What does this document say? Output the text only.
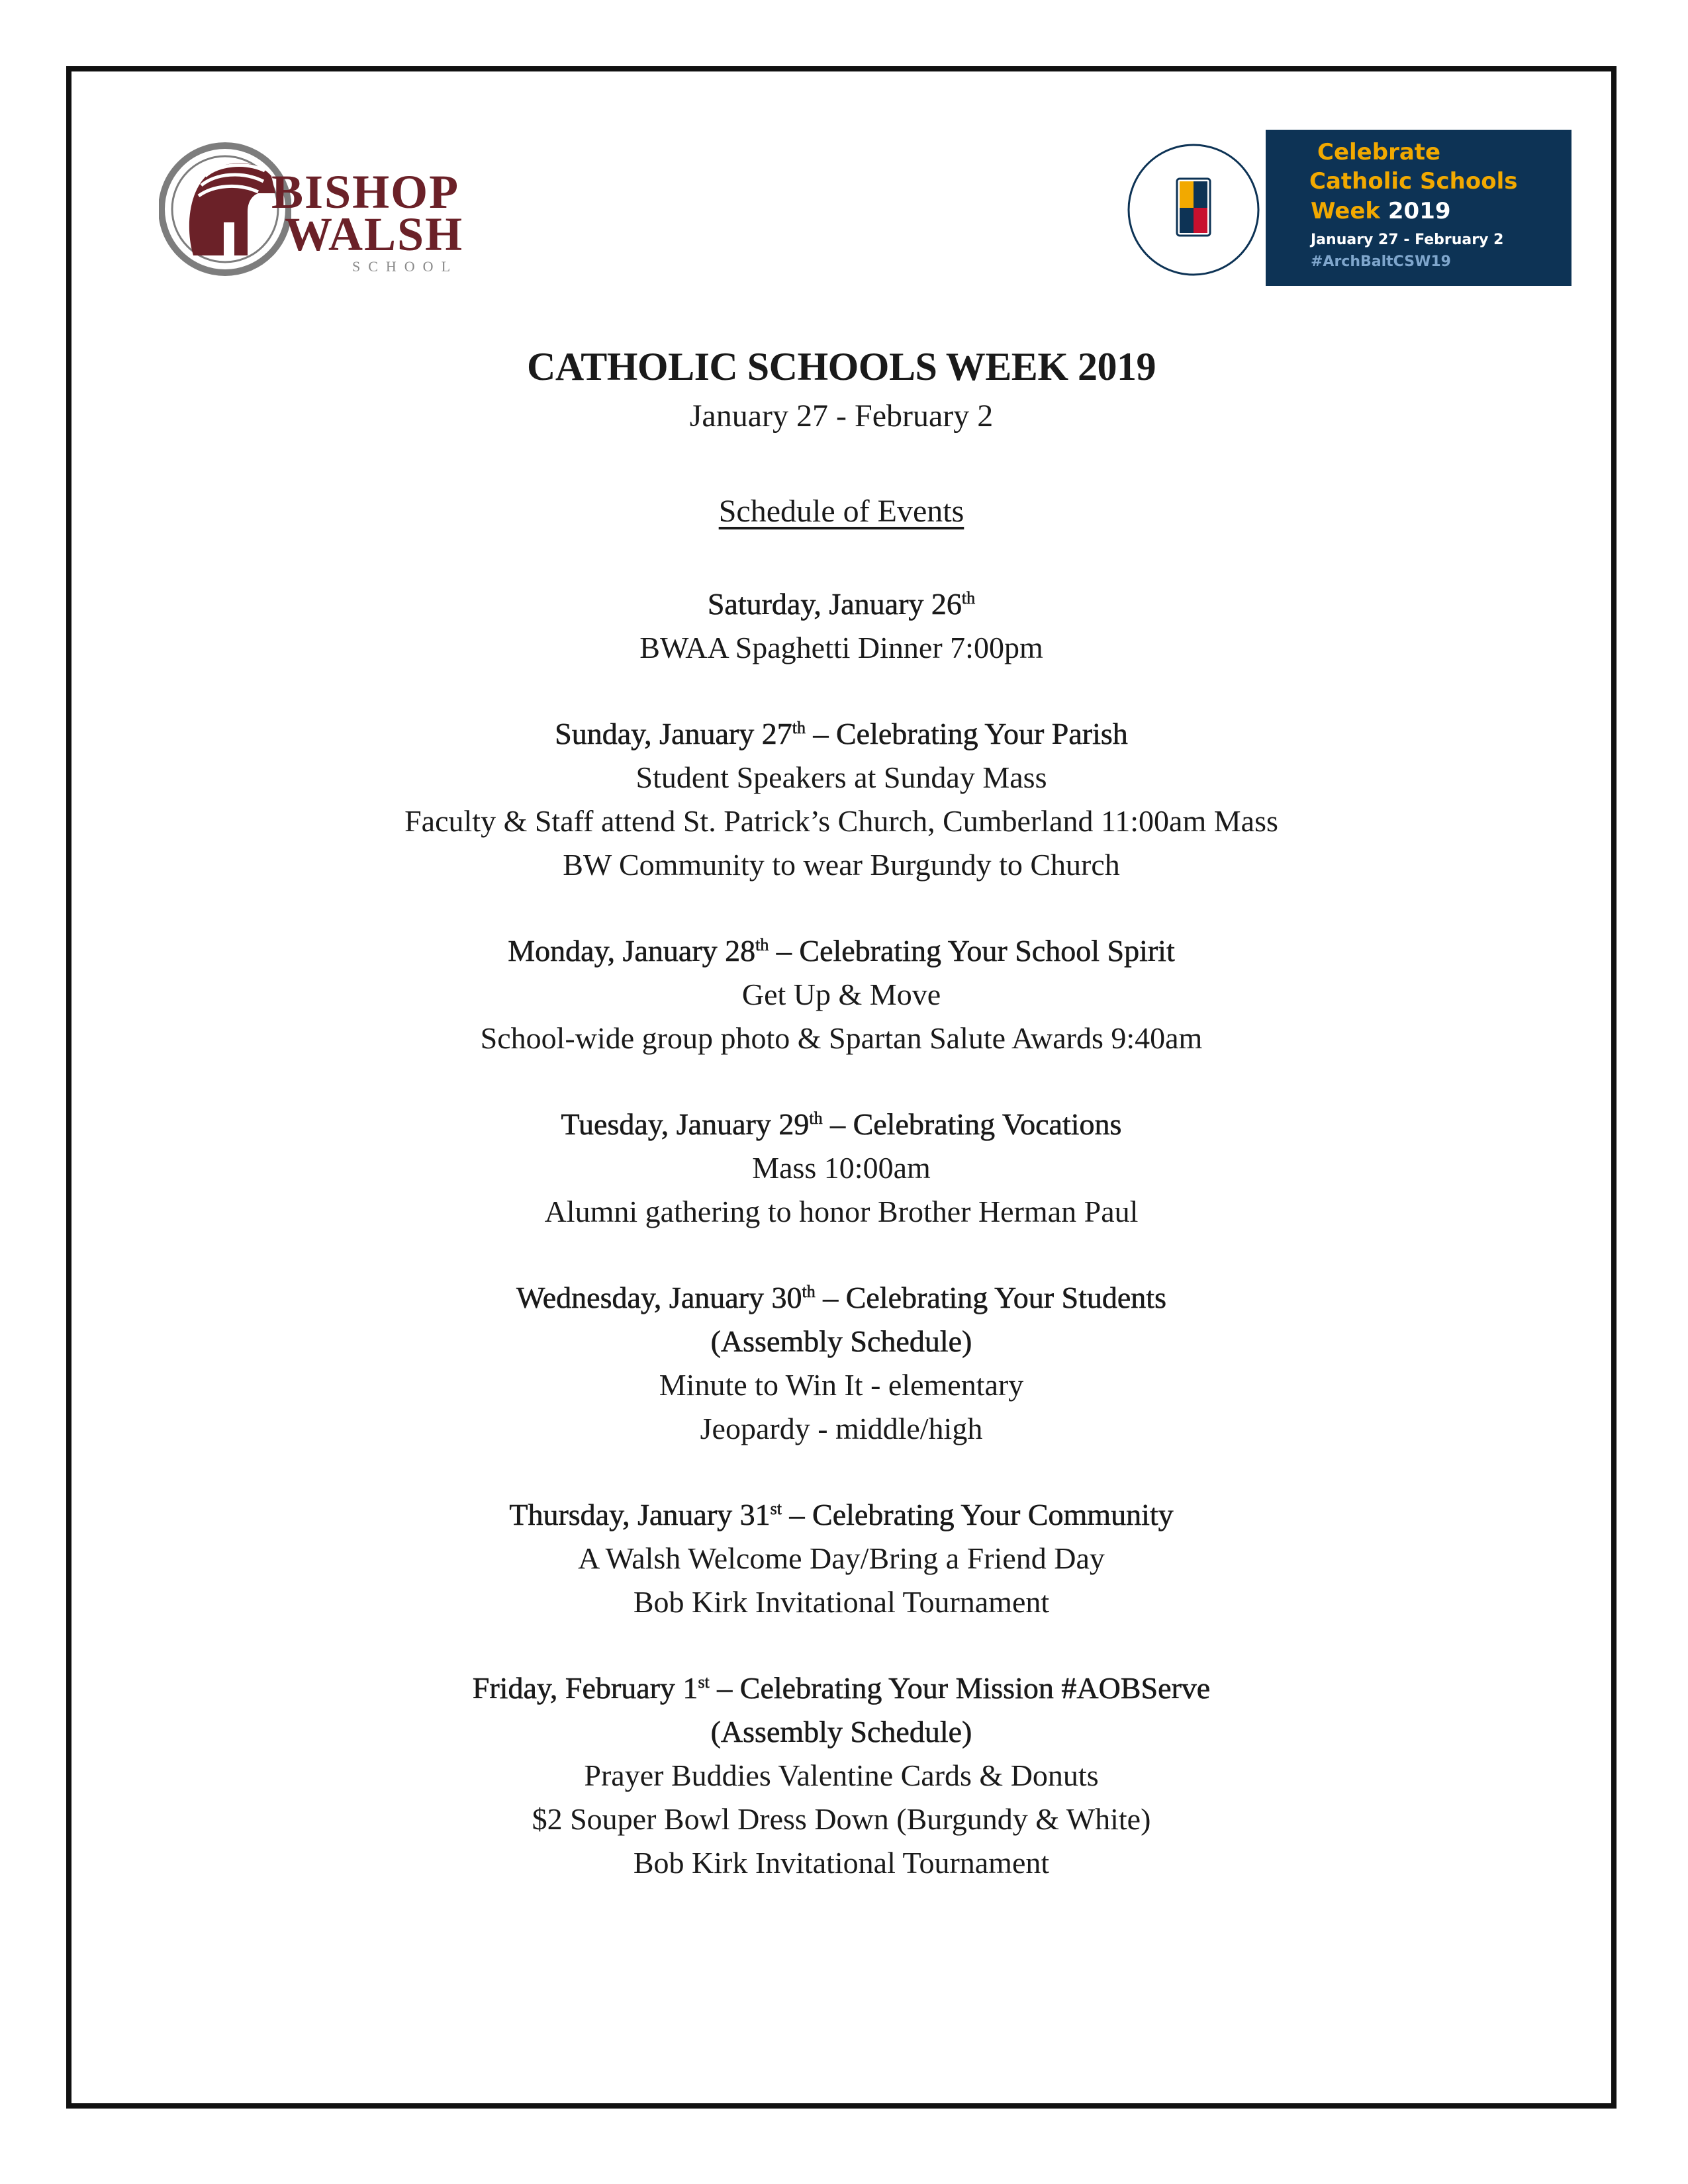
BISHOP
WALSH
SCHOOL
Celebrate
Catholic Schools
Week 2019
January 27 - February 2
#ArchBaltCSW19
CATHOLIC SCHOOLS WEEK 2019

January 27 - February 2

Schedule of Events

Saturday, January 26th

BWAA Spaghetti Dinner 7:00pm

Sunday, January 27th – Celebrating Your Parish

Student Speakers at Sunday Mass

Faculty & Staff attend St. Patrick’s Church, Cumberland 11:00am Mass

BW Community to wear Burgundy to Church

Monday, January 28th – Celebrating Your School Spirit

Get Up & Move

School-wide group photo & Spartan Salute Awards 9:40am

Tuesday, January 29th – Celebrating Vocations

Mass 10:00am

Alumni gathering to honor Brother Herman Paul

Wednesday, January 30th – Celebrating Your Students

(Assembly Schedule)

Minute to Win It - elementary

Jeopardy - middle/high

Thursday, January 31st – Celebrating Your Community

A Walsh Welcome Day/Bring a Friend Day

Bob Kirk Invitational Tournament

Friday, February 1st – Celebrating Your Mission #AOBServe

(Assembly Schedule)

Prayer Buddies Valentine Cards & Donuts

$2 Souper Bowl Dress Down (Burgundy & White)

Bob Kirk Invitational Tournament
